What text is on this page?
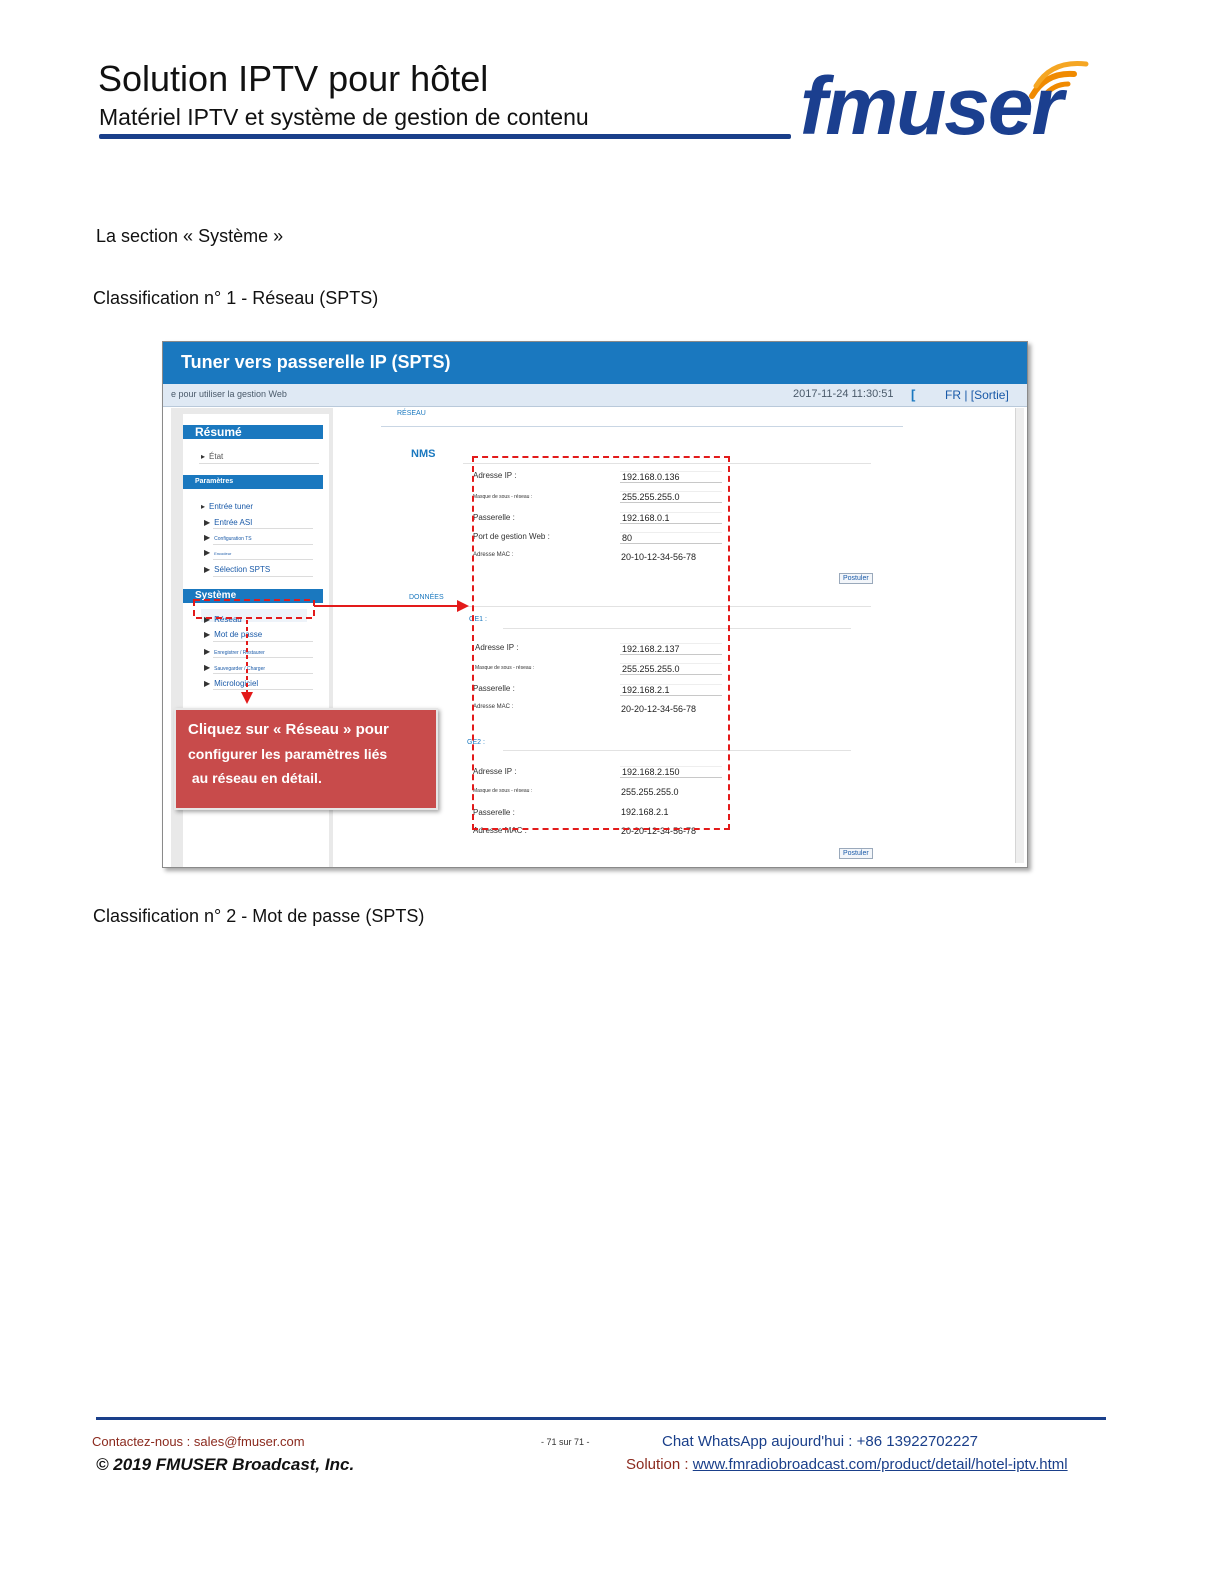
Solution IPTV pour hôtel
Matériel IPTV et système de gestion de contenu	fmuser
La section « Système »
Classification n° 1 - Réseau (SPTS)
Classification n° 2 - Mot de passe (SPTS)
Tuner vers passerelle IP (SPTS)
e pour utiliser la gestion Web	2017-11-24 11:30:51 [ FR | [Sortie]
Résumé
▸ État
Paramètres
▸ Entrée tuner
▶ Entrée ASI
▶ Configuration TS
▶ Encodeur
▶ Sélection SPTS
Système
▶ Réseau
▶ Mot de passe
▶ Enregistrer / Restaurer
▶ Sauvegarder / Charger
▶ Micrologiciel
RÉSEAU
NMS
Adresse IP :	192.168.0.136
Masque de sous - réseau :	255.255.255.0
Passerelle :	192.168.0.1
Port de gestion Web :	80
Adresse MAC :	20-10-12-34-56-78
Postuler
DONNÉES
GE1 :
Adresse IP :	192.168.2.137
Masque de sous - réseau :	255.255.255.0
Passerelle :	192.168.2.1
Adresse MAC :	20-20-12-34-56-78
GE2 :
Adresse IP :	192.168.2.150
Masque de sous - réseau :	255.255.255.0
Passerelle :	192.168.2.1
Adresse MAC :	20-20-12-34-56-78
Postuler
Cliquez sur « Réseau » pour
configurer les paramètres liés
au réseau en détail.
Contactez-nous : sales@fmuser.com
© 2019 FMUSER Broadcast, Inc.
- 71 sur 71 -	Chat WhatsApp aujourd'hui : +86 13922702227
Solution : www.fmradiobroadcast.com/product/detail/hotel-iptv.html
